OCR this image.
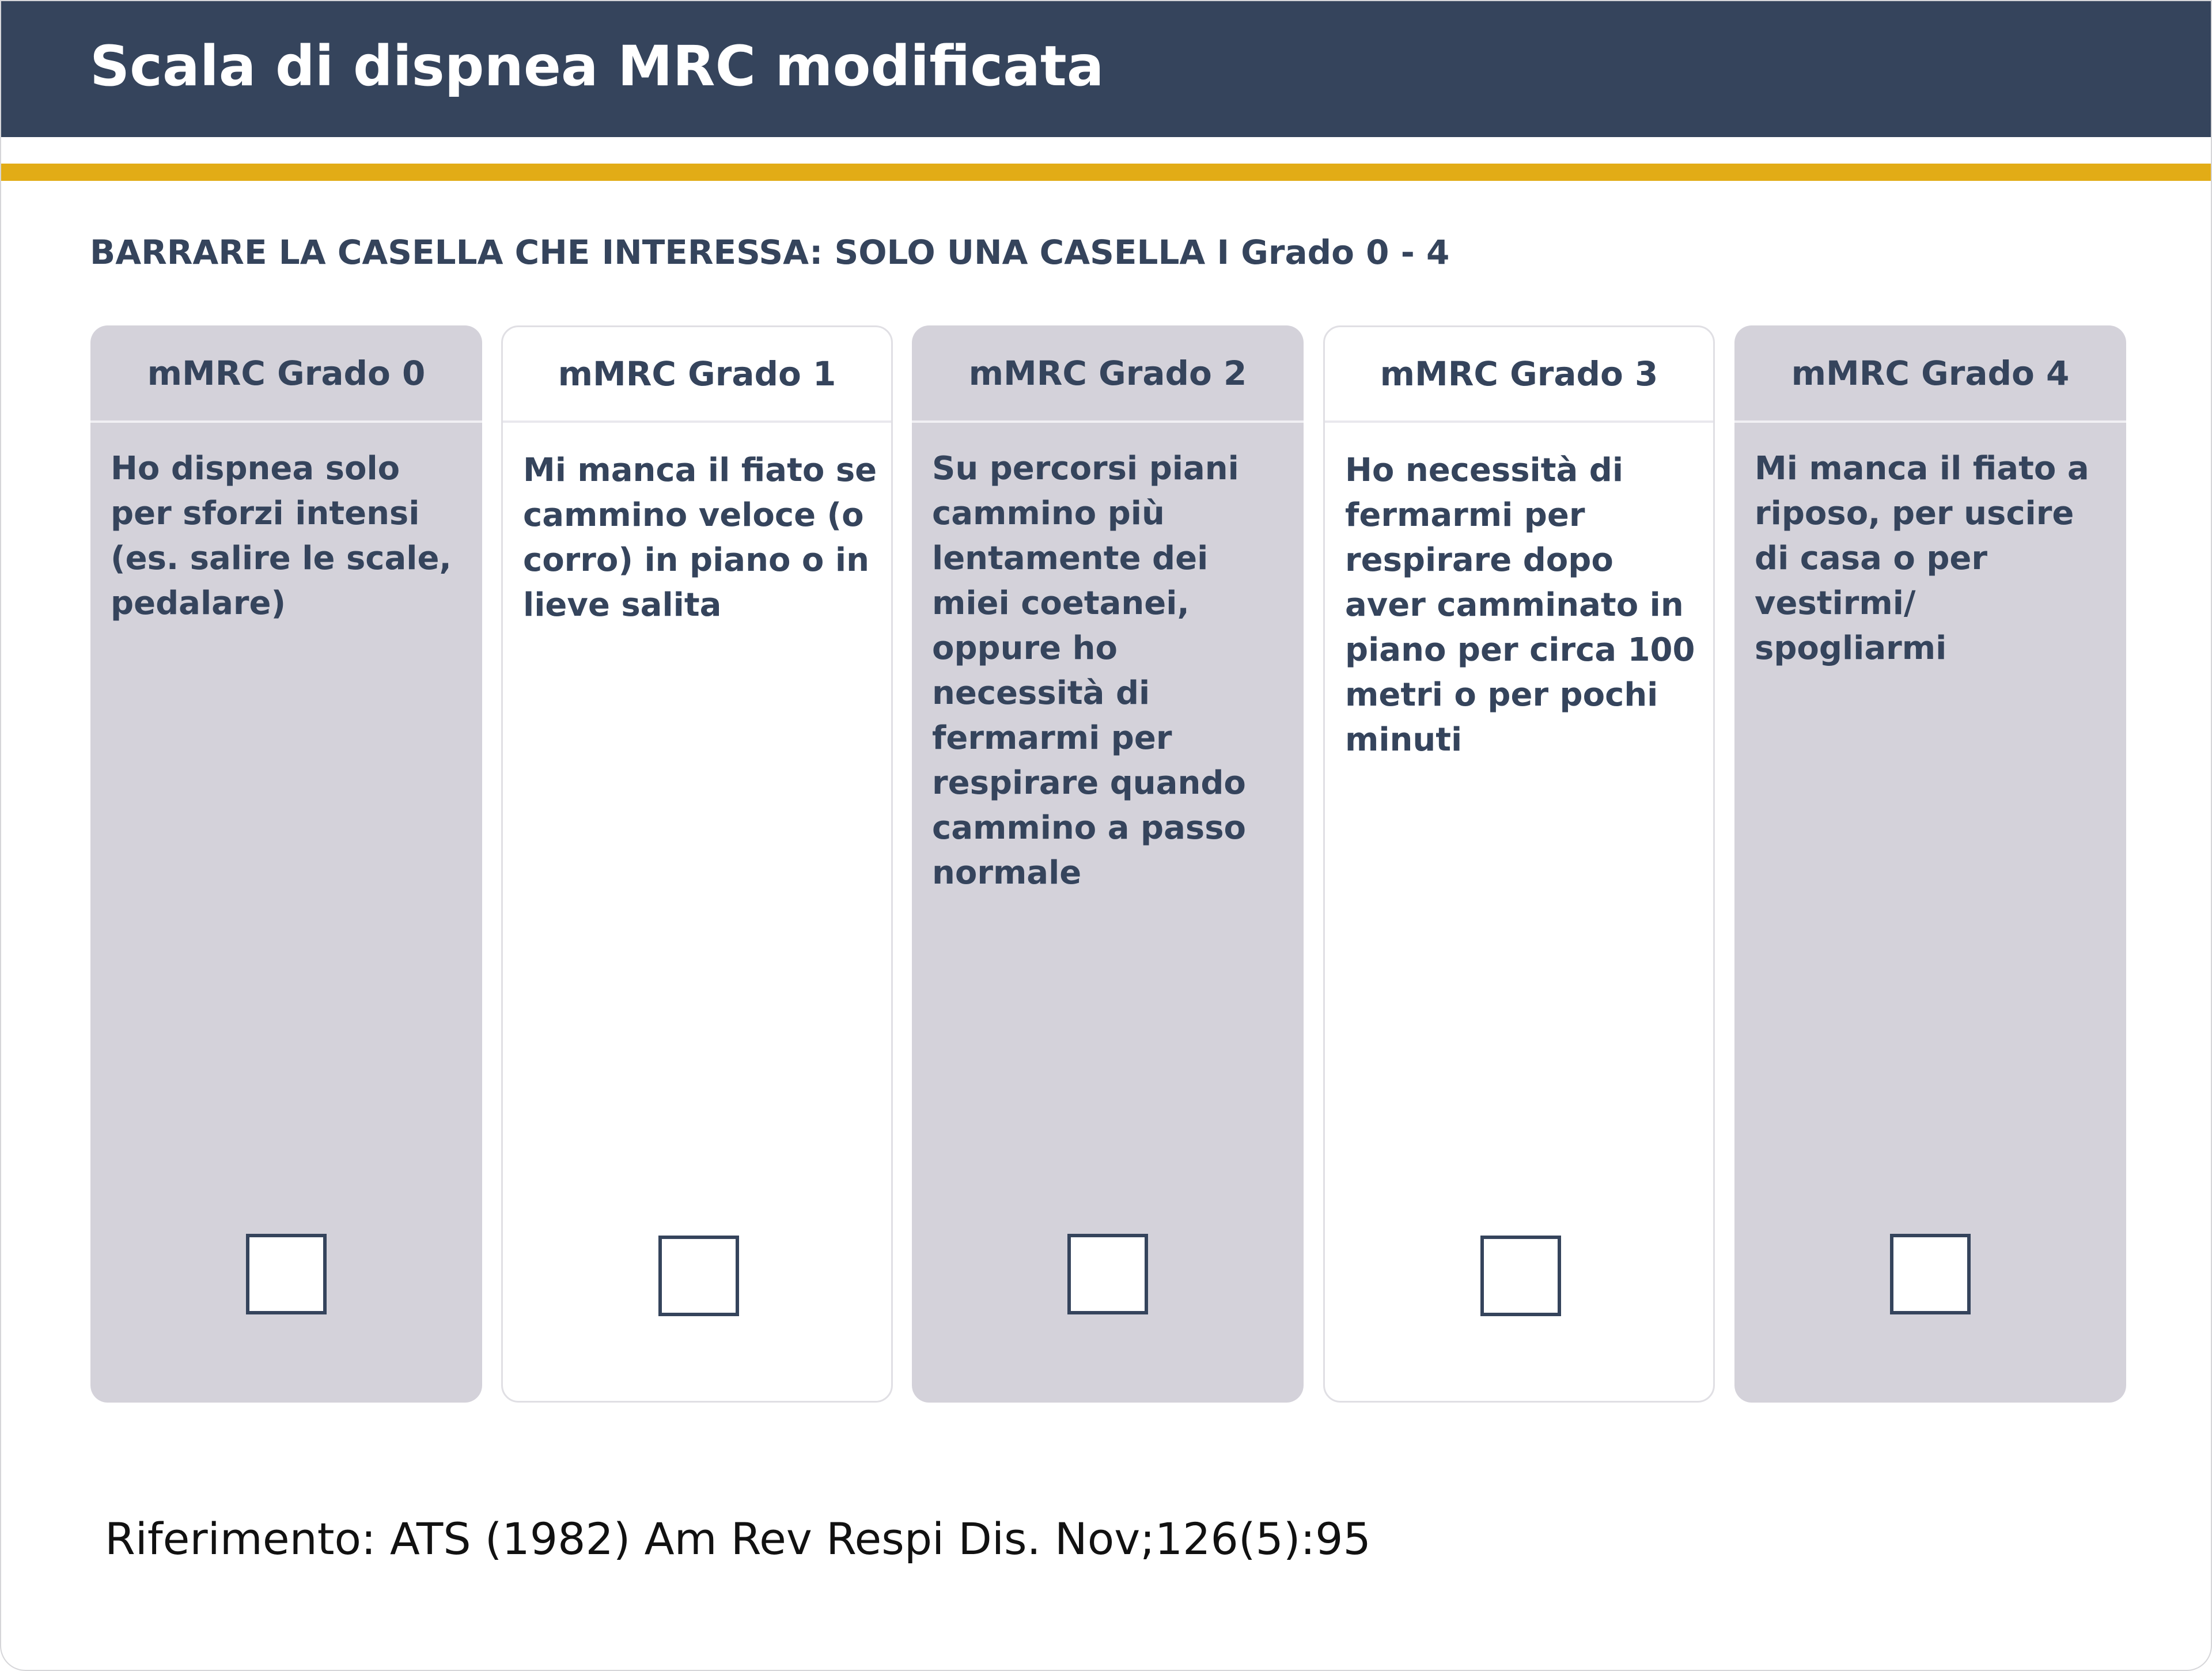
Scala di dispnea MRC modificata
BARRARE LA CASELLA CHE INTERESSA: SOLO UNA CASELLA I Grado 0 - 4
mMRC Grado 0
Ho dispnea solo per sforzi intensi (es. salire le scale, pedalare)
mMRC Grado 1
Mi manca il fiato se cammino veloce (o corro) in piano o in lieve salita
mMRC Grado 2
Su percorsi piani cammino più lentamente dei miei coetanei, oppure ho necessità di fermarmi per respirare quando cammino a passo normale
mMRC Grado 3
Ho necessità di fermarmi per respirare dopo aver camminato in piano per circa 100 metri o per pochi minuti
mMRC Grado 4
Mi manca il fiato a riposo, per uscire di casa o per vestirmi/ spogliarmi
Riferimento: ATS (1982) Am Rev Respi Dis. Nov;126(5):95
